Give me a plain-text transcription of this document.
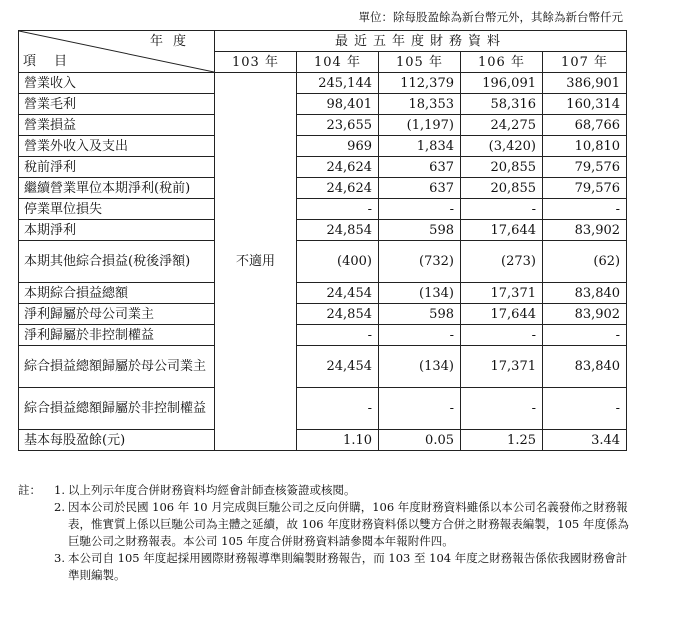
單位：除每股盈餘為新台幣元外，其餘為新台幣仟元
年度
項目	最近五年度財務資料				
	103 年	104 年	105 年	106 年	107 年
營業收入	不適用	245,144	112,379	196,091	386,901
營業毛利		98,401	18,353	58,316	160,314
營業損益		23,655	(1,197)	24,275	68,766
營業外收入及支出		969	1,834	(3,420)	10,810
稅前淨利		24,624	637	20,855	79,576
繼續營業單位本期淨利(稅前)		24,624	637	20,855	79,576
停業單位損失		-	-	-	-
本期淨利		24,854	598	17,644	83,902
本期其他綜合損益(稅後淨額)		(400)	(732)	(273)	(62)
本期綜合損益總額		24,454	(134)	17,371	83,840
淨利歸屬於母公司業主		24,854	598	17,644	83,902
淨利歸屬於非控制權益		-	-	-	-
綜合損益總額歸屬於母公司業主		24,454	(134)	17,371	83,840
綜合損益總額歸屬於非控制權益		-	-	-	-
基本每股盈餘(元)		1.10	0.05	1.25	3.44
註：	1. 以上列示年度合併財務資料均經會計師查核簽證或核閱。
2. 因本公司於民國 106 年 10 月完成與巨馳公司之反向併購，106 年度財務資料雖係以本公司名義發佈之財務報表，惟實質上係以巨馳公司為主體之延續，故 106 年度財務資料係以雙方合併之財務報表編製，105 年度係為巨馳公司之財務報表。本公司 105 年度合併財務資料請參閱本年報附件四。
3. 本公司自 105 年度起採用國際財務報導準則編製財務報告，而 103 至 104 年度之財務報告係依我國財務會計準則編製。
